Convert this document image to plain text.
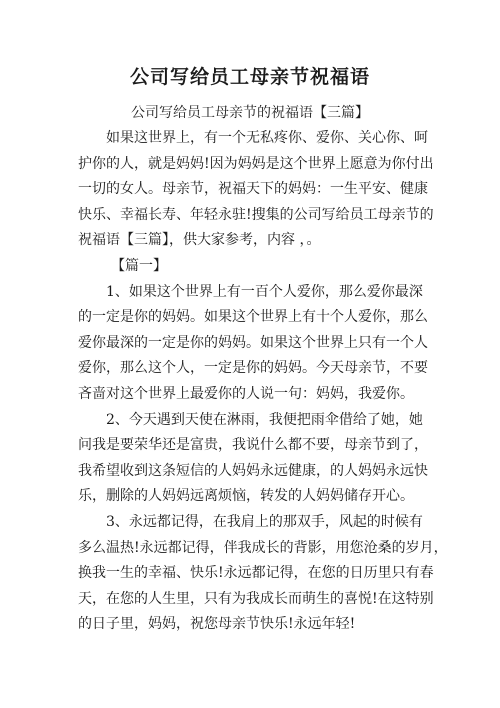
公司写给员工母亲节祝福语
公司写给员工母亲节的祝福语【三篇】
如果这世界上，有一个无私疼你、爱你、关心你、呵
护你的人，就是妈妈!因为妈妈是这个世界上愿意为你付出
一切的女人。母亲节，祝福天下的妈妈：一生平安、健康
快乐、幸福长寿、年轻永驻!搜集的公司写给员工母亲节的
祝福语【三篇】，供大家参考，内容 ，。
【篇一】
1、如果这个世界上有一百个人爱你，那么爱你最深
的一定是你的妈妈。如果这个世界上有十个人爱你，那么
爱你最深的一定是你的妈妈。如果这个世界上只有一个人
爱你，那么这个人，一定是你的妈妈。今天母亲节，不要
吝啬对这个世界上最爱你的人说一句：妈妈，我爱你。
2、今天遇到天使在淋雨，我便把雨伞借给了她，她
问我是要荣华还是富贵，我说什么都不要，母亲节到了，
我希望收到这条短信的人妈妈永远健康，的人妈妈永远快
乐，删除的人妈妈远离烦恼，转发的人妈妈储存开心。
3、永远都记得，在我肩上的那双手，风起的时候有
多么温热!永远都记得，伴我成长的背影，用您沧桑的岁月，
换我一生的幸福、快乐!永远都记得，在您的日历里只有春
天，在您的人生里，只有为我成长而萌生的喜悦!在这特别
的日子里，妈妈，祝您母亲节快乐!永远年轻!
